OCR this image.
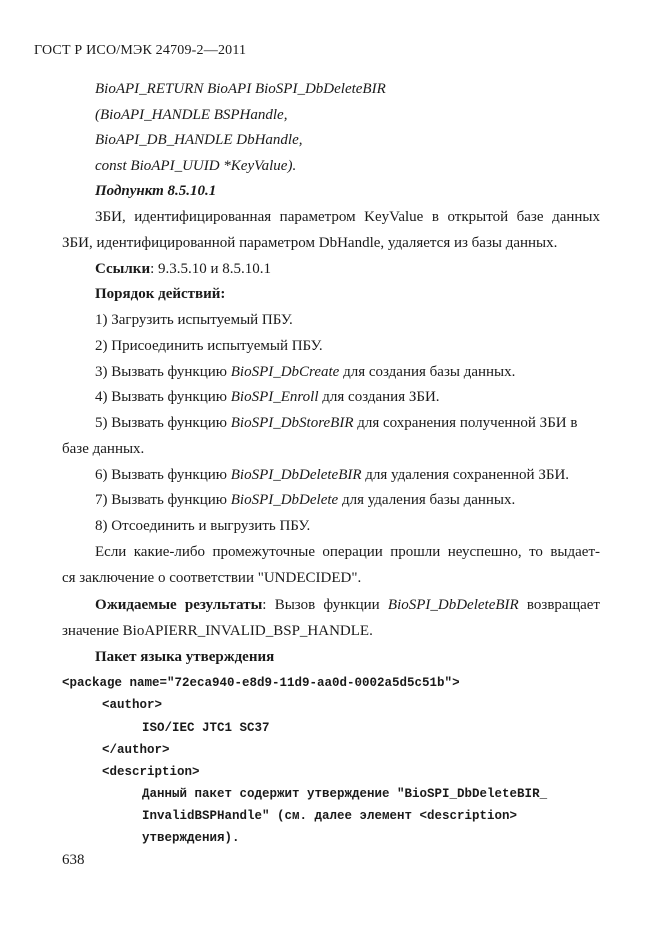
ГОСТ Р ИСО/МЭК 24709-2—2011
BioAPI_RETURN BioAPI BioSPI_DbDeleteBIR
(BioAPI_HANDLE BSPHandle,
BioAPI_DB_HANDLE DbHandle,
const BioAPI_UUID *KeyValue).
Подпункт 8.5.10.1
ЗБИ, идентифицированная параметром KeyValue в открытой базе данных
ЗБИ, идентифицированной параметром DbHandle, удаляется из базы данных.
Ссылки: 9.3.5.10 и 8.5.10.1
Порядок действий:
1) Загрузить испытуемый ПБУ.
2) Присоединить испытуемый ПБУ.
3) Вызвать функцию BioSPI_DbCreate для создания базы данных.
4) Вызвать функцию BioSPI_Enroll для создания ЗБИ.
5) Вызвать функцию BioSPI_DbStoreBIR для сохранения полученной ЗБИ в
базе данных.
6) Вызвать функцию BioSPI_DbDeleteBIR для удаления сохраненной ЗБИ.
7) Вызвать функцию BioSPI_DbDelete для удаления базы данных.
8) Отсоединить и выгрузить ПБУ.
Если какие-либо промежуточные операции прошли неуспешно, то выдает-
ся заключение о соответствии "UNDECIDED".
Ожидаемые результаты: Вызов функции BioSPI_DbDeleteBIR возвращает
значение BioAPIERR_INVALID_BSP_HANDLE.
Пакет языка утверждения
<package name="72eca940-e8d9-11d9-aa0d-0002a5d5c51b">
<author>
ISO/IEC JTC1 SC37
</author>
<description>
Данный пакет содержит утверждение "BioSPI_DbDeleteBIR_
InvalidBSPHandle" (см. далее элемент <description>
утверждения).
638
